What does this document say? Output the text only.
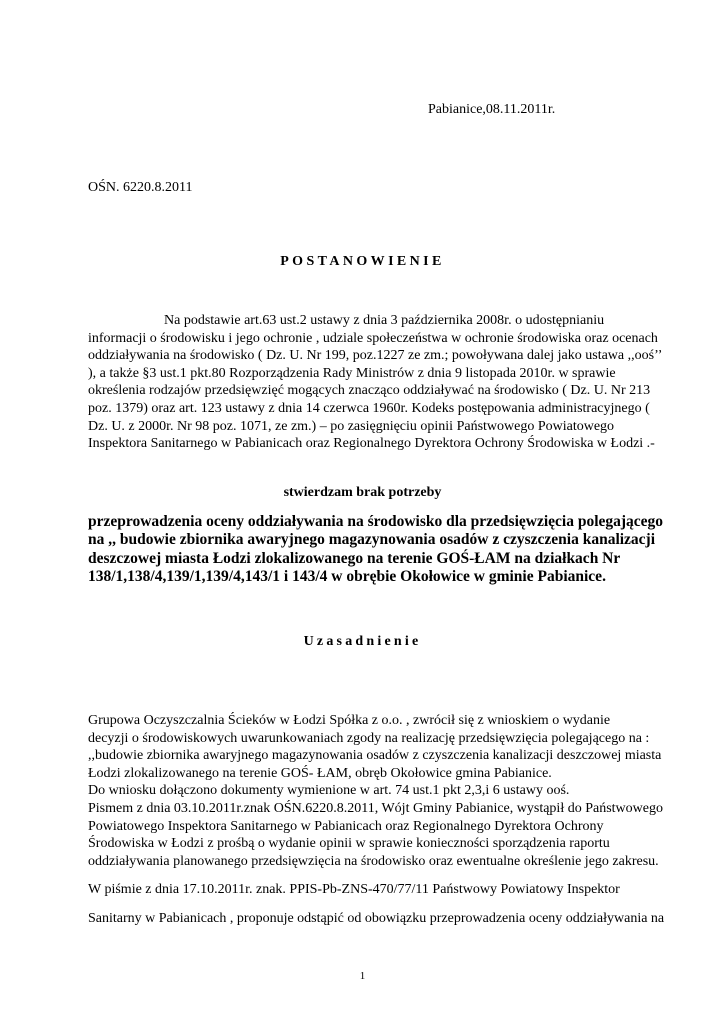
Pabianice,08.11.2011r.

OŚN. 6220.8.2011

POSTANOWIENIE
Na podstawie art.63 ust.2 ustawy z dnia 3 października 2008r. o udostępnianiu
informacji o środowisku i jego ochronie , udziale społeczeństwa w ochronie środowiska oraz ocenach
oddziaływania na środowisko ( Dz. U. Nr 199, poz.1227 ze zm.; powoływana dalej jako ustawa ,,ooś’’
), a także §3 ust.1 pkt.80 Rozporządzenia Rady Ministrów z dnia 9 listopada 2010r. w sprawie
określenia rodzajów przedsięwzięć mogących znacząco oddziaływać na środowisko ( Dz. U. Nr 213
poz. 1379) oraz art. 123 ustawy z dnia 14 czerwca 1960r. Kodeks postępowania administracyjnego (
Dz. U. z 2000r. Nr 98 poz. 1071, ze zm.) – po zasięgnięciu opinii Państwowego Powiatowego
Inspektora Sanitarnego w Pabianicach oraz Regionalnego Dyrektora Ochrony Środowiska w Łodzi .-

stwierdzam brak potrzeby

przeprowadzenia oceny oddziaływania na środowisko dla przedsięwzięcia polegającego
na ,, budowie zbiornika awaryjnego magazynowania osadów z czyszczenia kanalizacji
deszczowej miasta Łodzi zlokalizowanego na terenie GOŚ-ŁAM na działkach Nr
138/1,138/4,139/1,139/4,143/1 i 143/4 w obrębie Okołowice w gminie Pabianice.
Uzasadnienie
Grupowa Oczyszczalnia Ścieków w Łodzi Spółka z o.o. , zwrócił się z wnioskiem o wydanie
decyzji o środowiskowych uwarunkowaniach zgody na realizację przedsięwzięcia polegającego na :
,,budowie zbiornika awaryjnego magazynowania osadów z czyszczenia kanalizacji deszczowej miasta
Łodzi zlokalizowanego na terenie GOŚ- ŁAM, obręb Okołowice gmina Pabianice.
Do wniosku dołączono dokumenty wymienione w art. 74 ust.1 pkt 2,3,i 6 ustawy ooś.
Pismem z dnia 03.10.2011r.znak OŚN.6220.8.2011, Wójt Gminy Pabianice, wystąpił do Państwowego
Powiatowego Inspektora Sanitarnego w Pabianicach oraz Regionalnego Dyrektora Ochrony
Środowiska w Łodzi z prośbą o wydanie opinii w sprawie konieczności sporządzenia raportu
oddziaływania planowanego przedsięwzięcia na środowisko oraz ewentualne określenie jego zakresu.

W piśmie z dnia 17.10.2011r. znak. PPIS-Pb-ZNS-470/77/11 Państwowy Powiatowy Inspektor

Sanitarny w Pabianicach , proponuje odstąpić od obowiązku przeprowadzenia oceny oddziaływania na

1
